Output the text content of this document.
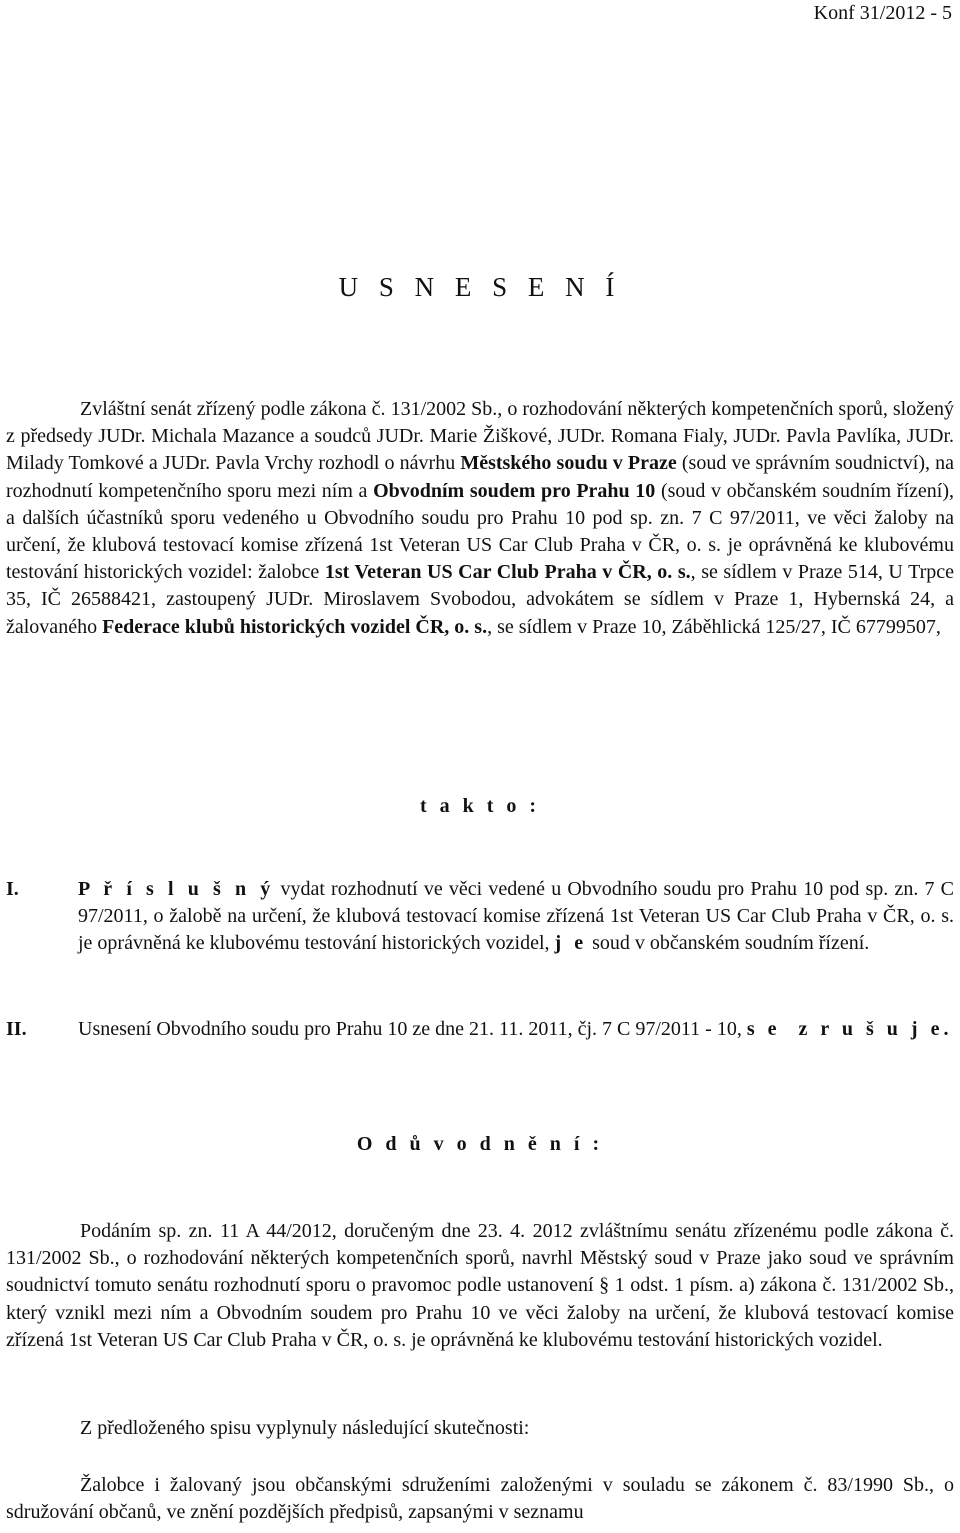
Konf 31/2012 - 5
U S N E S E N Í

Zvláštní senát zřízený podle zákona č. 131/2002 Sb., o rozhodování některých kompetenčních sporů, složený z předsedy JUDr. Michala Mazance a soudců JUDr. Marie Žiškové, JUDr. Romana Fialy, JUDr. Pavla Pavlíka, JUDr. Milady Tomkové a JUDr. Pavla Vrchy rozhodl o návrhu Městského soudu v Praze (soud ve správním soudnictví), na rozhodnutí kompetenčního sporu mezi ním a Obvodním soudem pro Prahu 10 (soud v občanském soudním řízení), a dalších účastníků sporu vedeného u Obvodního soudu pro Prahu 10 pod sp. zn. 7 C 97/2011, ve věci žaloby na určení, že klubová testovací komise zřízená 1st Veteran US Car Club Praha v ČR, o. s. je oprávněná ke klubovému testování historických vozidel: žalobce 1st Veteran US Car Club Praha v ČR, o. s., se sídlem v Praze 514, U Trpce 35, IČ 26588421, zastoupený JUDr. Miroslavem Svobodou, advokátem se sídlem v Praze 1, Hybernská 24, a žalovaného Federace klubů historických vozidel ČR, o. s., se sídlem v Praze 10, Záběhlická 125/27, IČ 67799507,

t a k t o :
I.	P ř í s l u š n ý vydat rozhodnutí ve věci vedené u Obvodního soudu pro Prahu 10 pod sp. zn. 7 C 97/2011, o žalobě na určení, že klubová testovací komise zřízená 1st Veteran US Car Club Praha v ČR, o. s. je oprávněná ke klubovému testování historických vozidel, j e soud v občanském soudním řízení.
II.	Usnesení Obvodního soudu pro Prahu 10 ze dne 21. 11. 2011, čj. 7 C 97/2011 - 10, s e  z r u š u j e.
O d ů v o d n ě n í :

Podáním sp. zn. 11 A 44/2012, doručeným dne 23. 4. 2012 zvláštnímu senátu zřízenému podle zákona č. 131/2002 Sb., o rozhodování některých kompetenčních sporů, navrhl Městský soud v Praze jako soud ve správním soudnictví tomuto senátu rozhodnutí sporu o pravomoc podle ustanovení § 1 odst. 1 písm. a) zákona č. 131/2002 Sb., který vznikl mezi ním a Obvodním soudem pro Prahu 10 ve věci žaloby na určení, že klubová testovací komise zřízená 1st Veteran US Car Club Praha v ČR, o. s. je oprávněná ke klubovému testování historických vozidel.

Z předloženého spisu vyplynuly následující skutečnosti:

Žalobce i žalovaný jsou občanskými sdruženími založenými v souladu se zákonem č. 83/1990 Sb., o sdružování občanů, ve znění pozdějších předpisů, zapsanými v seznamu
